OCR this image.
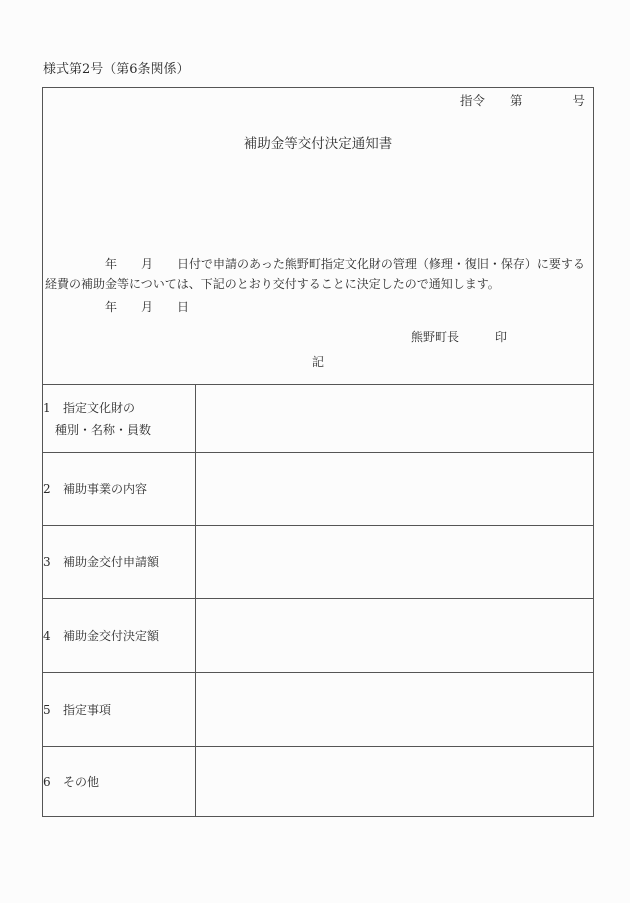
様式第2号（第6条関係）
指令　　第　　　　号
補助金等交付決定通知書
　　　　　年　　月　　日付で申請のあった熊野町指定文化財の管理（修理・復旧・保存）に要する
経費の補助金等については、下記のとおり交付することに決定したので通知します。
　　　　　年　　月　　日
熊野町長	印
記
1 指定文化財の
種別・名称・員数	

2 補助事業の内容	

3 補助金交付申請額	

4 補助金交付決定額	

5 指定事項	

6 その他	
